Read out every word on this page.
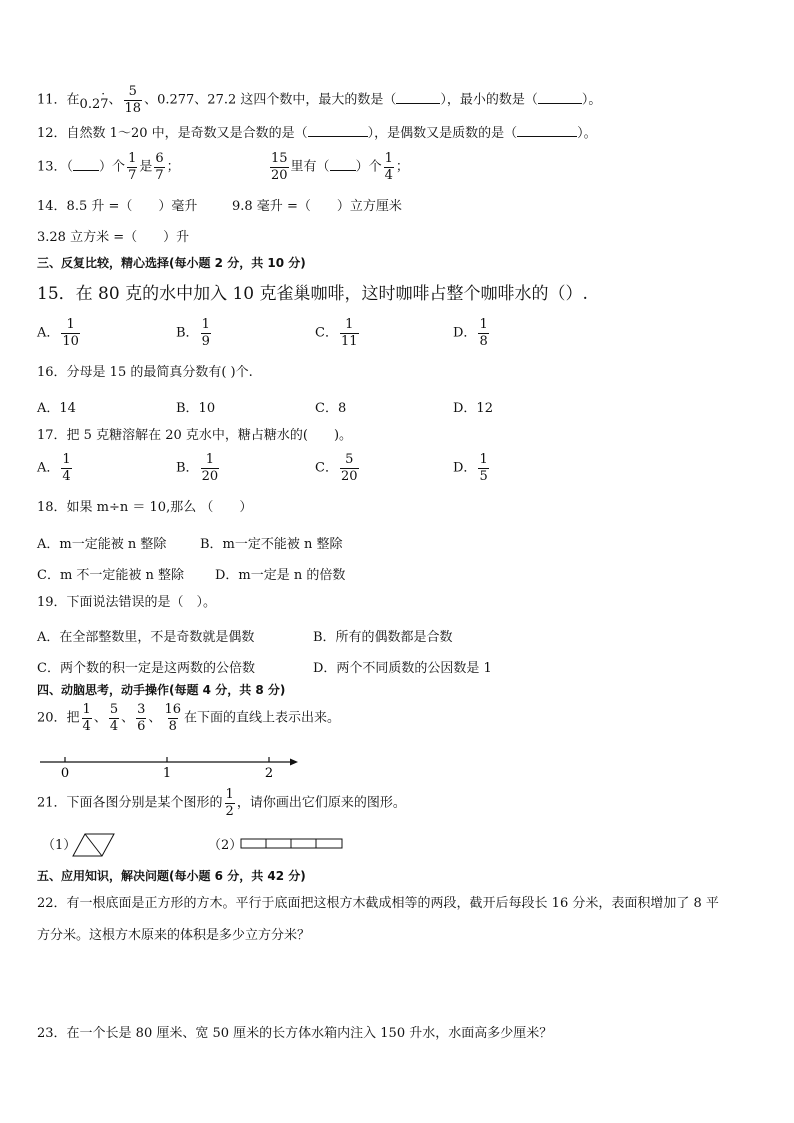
11．在0.27 ·、 $\frac{5}{18}$ 、0.277、27.2 这四个数中，最大的数是（	），最小的数是（	）。
12．自然数 1～20 中，是奇数又是合数的是（	），是偶数又是质数的是（	）。
13．（ ）个 $\frac{1}{7}$ 是 $\frac{6}{7}$ ；	$\frac{15}{20}$ 里有（ ）个 $\frac{1}{4}$ ；
14．8.5 升 =（　　）毫升	9.8 毫升 =（　　）立方厘米
3.28 立方米 =（　　）升
三、反复比较，精心选择(每小题 2 分，共 10 分)
15．在 80 克的水中加入 10 克雀巢咖啡，这时咖啡占整个咖啡水的（）.
A． $\frac{1}{10}$	B． $\frac{1}{9}$	C． $\frac{1}{11}$	D． $\frac{1}{8}$
16．分母是 15 的最简真分数有( )个.
A．14	B．10	C．8	D．12
17．把 5 克糖溶解在 20 克水中，糖占糖水的(　　)。
A． $\frac{1}{4}$	B． $\frac{1}{20}$	C． $\frac{5}{20}$	D． $\frac{1}{5}$
18．如果 m÷n ＝ 10,那么 （　　）
A．m一定能被 n 整除	B．m一定不能被 n 整除
C．m 不一定能被 n 整除 D．m一定是 n 的倍数
19．下面说法错误的是（　）。
A．在全部整数里，不是奇数就是偶数	B．所有的偶数都是合数
C．两个数的积一定是这两数的公倍数	D．两个不同质数的公因数是 1
四、动脑思考，动手操作(每题 4 分，共 8 分)
20．把 $\frac{1}{4}$ 、 $\frac{5}{4}$ 、 $\frac{3}{6}$ 、 $\frac{16}{8}$ 在下面的直线上表示出来。
0	1	2
21．下面各图分别是某个图形的 $\frac{1}{2}$ ，请你画出它们原来的图形。
（1）	（2）
五、应用知识，解决问题(每小题 6 分，共 42 分)
22．有一根底面是正方形的方木。平行于底面把这根方木截成相等的两段，截开后每段长 16 分米，表面积增加了 8 平
方分米。这根方木原来的体积是多少立方分米？
23．在一个长是 80 厘米、宽 50 厘米的长方体水箱内注入 150 升水，水面高多少厘米？
